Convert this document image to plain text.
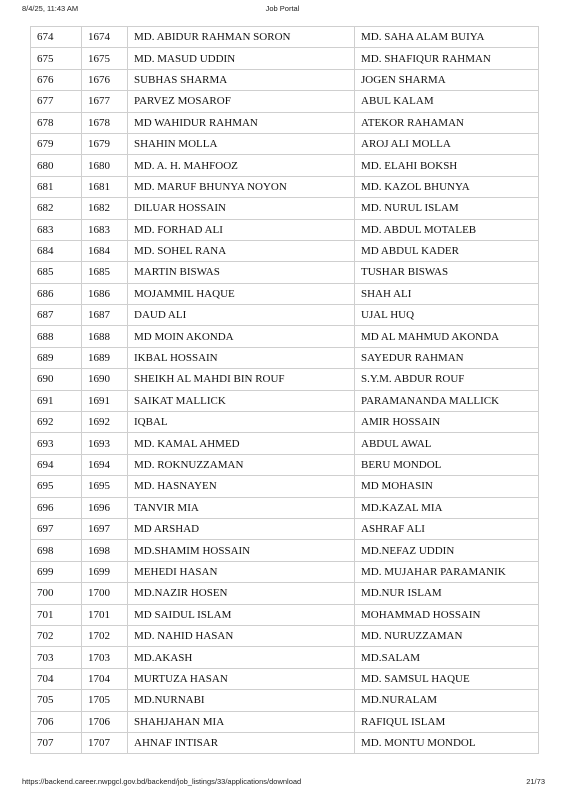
8/4/25, 11:43 AM	Job Portal
674	1674	MD. ABIDUR RAHMAN SORON	MD. SAHA ALAM BUIYA
675	1675	MD. MASUD UDDIN	MD. SHAFIQUR RAHMAN
676	1676	SUBHAS SHARMA	JOGEN SHARMA
677	1677	PARVEZ MOSAROF	ABUL KALAM
678	1678	MD WAHIDUR RAHMAN	ATEKOR RAHAMAN
679	1679	SHAHIN MOLLA	AROJ ALI MOLLA
680	1680	MD. A. H. MAHFOOZ	MD. ELAHI BOKSH
681	1681	MD. MARUF BHUNYA NOYON	MD. KAZOL BHUNYA
682	1682	DILUAR HOSSAIN	MD. NURUL ISLAM
683	1683	MD. FORHAD ALI	MD. ABDUL MOTALEB
684	1684	MD. SOHEL RANA	MD ABDUL KADER
685	1685	MARTIN BISWAS	TUSHAR BISWAS
686	1686	MOJAMMIL HAQUE	SHAH ALI
687	1687	DAUD ALI	UJAL HUQ
688	1688	MD MOIN AKONDA	MD AL MAHMUD AKONDA
689	1689	IKBAL HOSSAIN	SAYEDUR RAHMAN
690	1690	SHEIKH AL MAHDI BIN ROUF	S.Y.M. ABDUR ROUF
691	1691	SAIKAT MALLICK	PARAMANANDA MALLICK
692	1692	IQBAL	AMIR HOSSAIN
693	1693	MD. KAMAL AHMED	ABDUL AWAL
694	1694	MD. ROKNUZZAMAN	BERU MONDOL
695	1695	MD. HASNAYEN	MD MOHASIN
696	1696	TANVIR MIA	MD.KAZAL MIA
697	1697	MD ARSHAD	ASHRAF ALI
698	1698	MD.SHAMIM HOSSAIN	MD.NEFAZ UDDIN
699	1699	MEHEDI HASAN	MD. MUJAHAR PARAMANIK
700	1700	MD.NAZIR HOSEN	MD.NUR ISLAM
701	1701	MD SAIDUL ISLAM	MOHAMMAD HOSSAIN
702	1702	MD. NAHID HASAN	MD. NURUZZAMAN
703	1703	MD.AKASH	MD.SALAM
704	1704	MURTUZA HASAN	MD. SAMSUL HAQUE
705	1705	MD.NURNABI	MD.NURALAM
706	1706	SHAHJAHAN MIA	RAFIQUL ISLAM
707	1707	AHNAF INTISAR	MD. MONTU MONDOL
https://backend.career.nwpgcl.gov.bd/backend/job_listings/33/applications/download	21/73
